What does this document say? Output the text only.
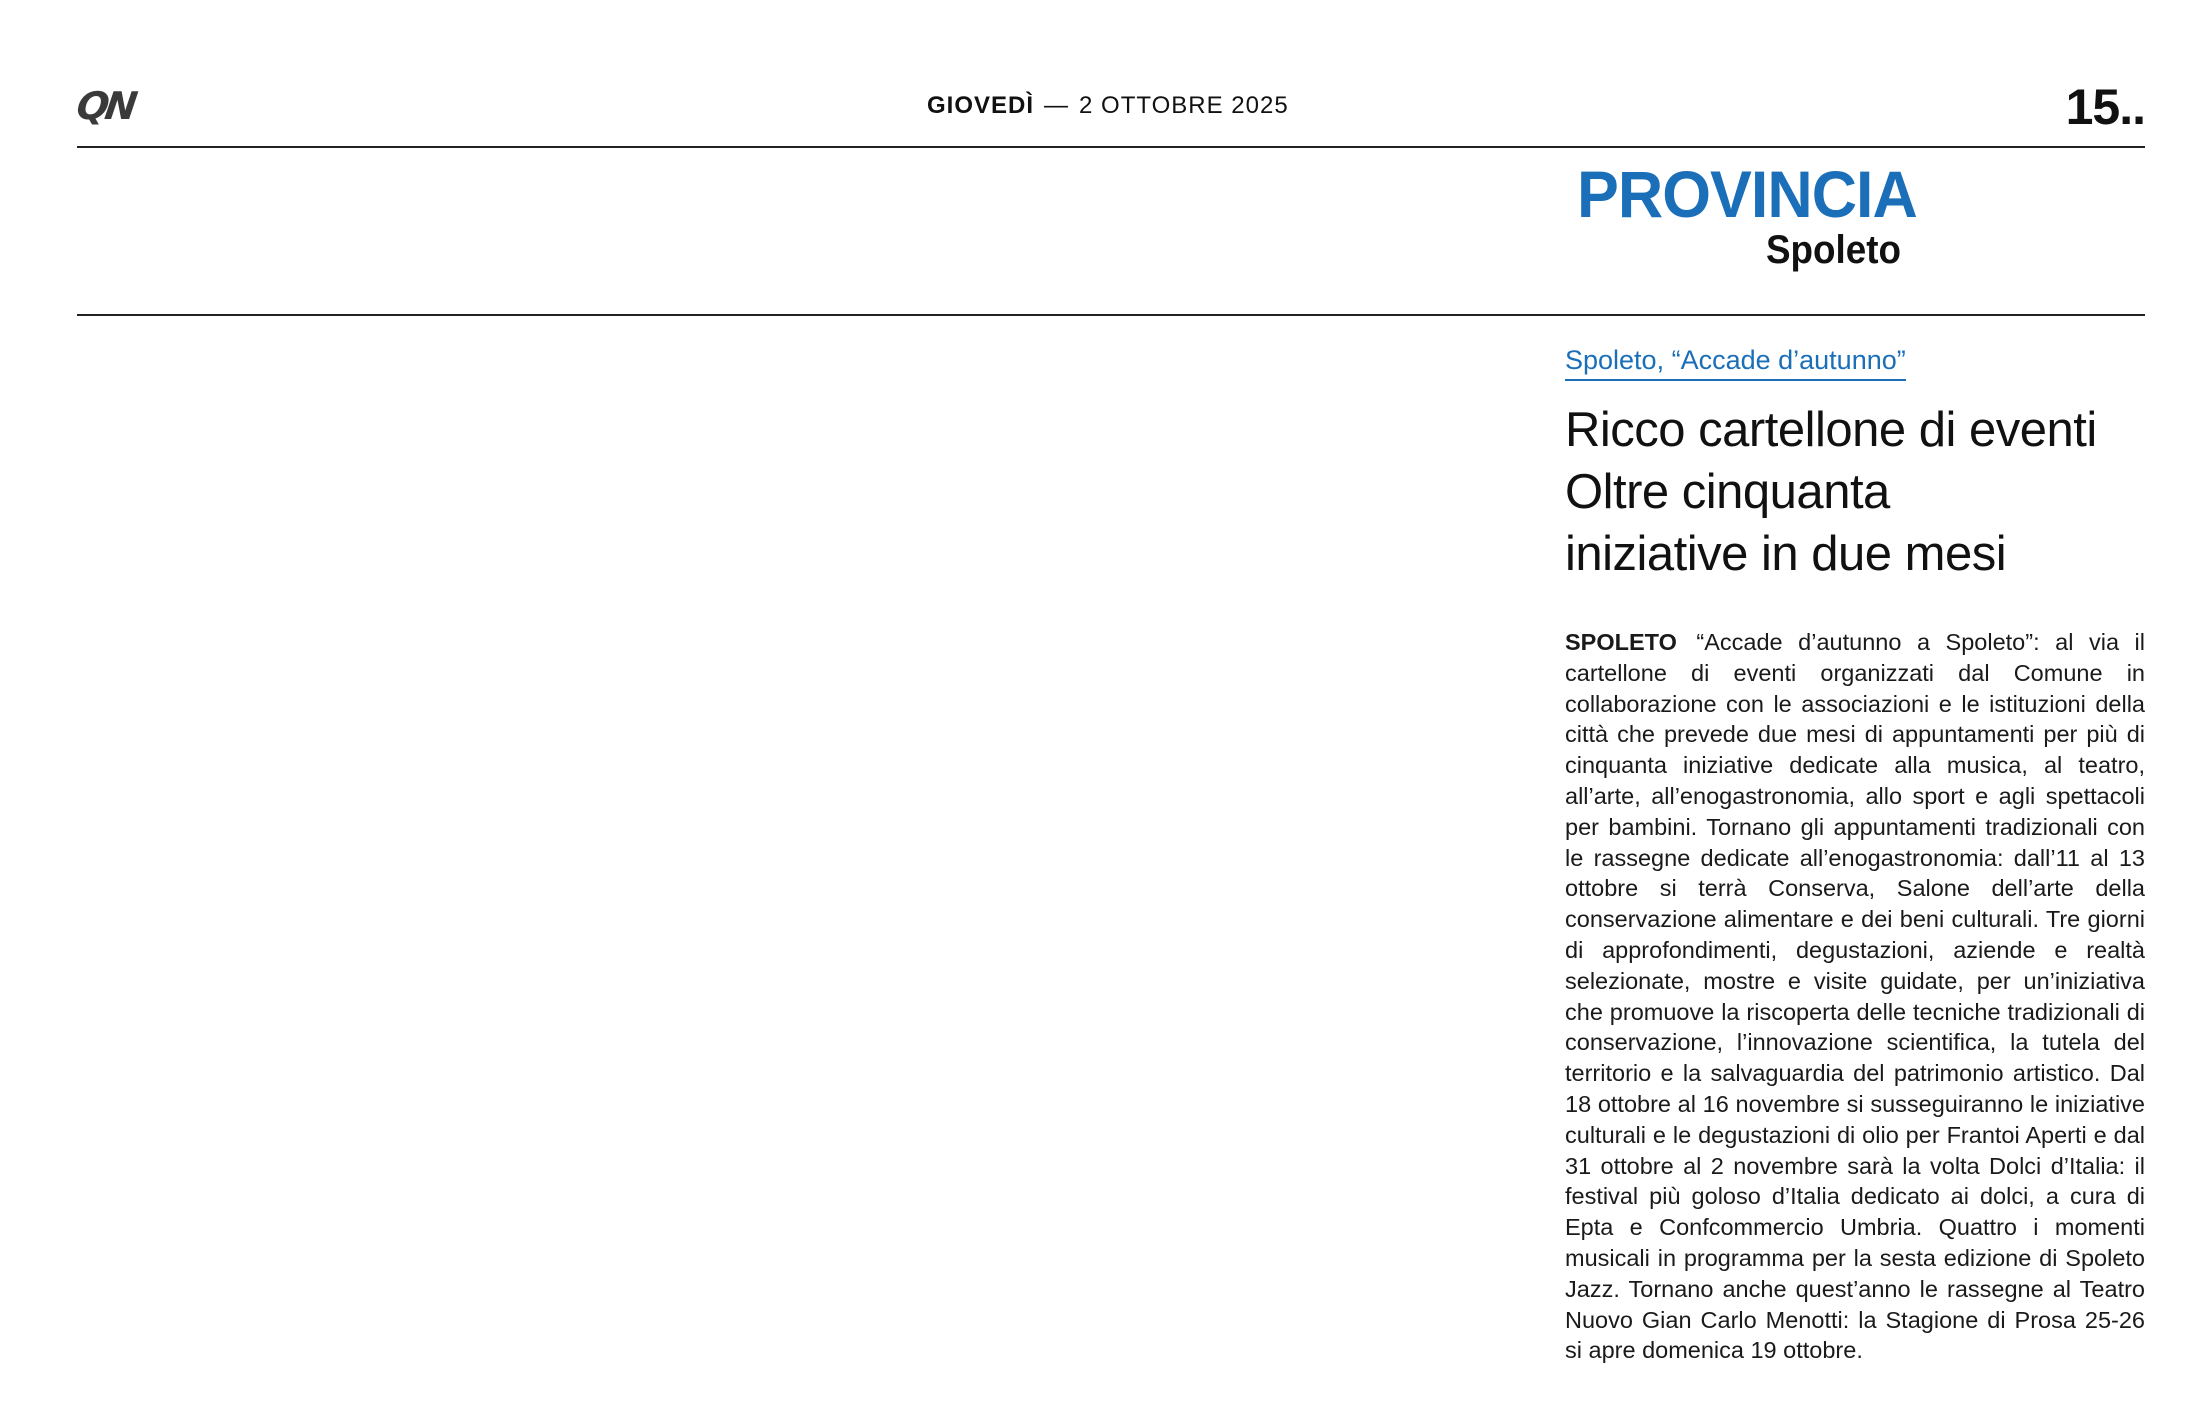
QN	GIOVEDÌ — 2 OTTOBRE 2025	15..
PROVINCIA
Spoleto
Spoleto, “Accade d’autunno”
Ricco cartellone di eventi
Oltre cinquanta
iniziative in due mesi

SPOLETO “Accade d’autunno a Spoleto”: al via il cartellone di eventi organizzati dal Comune in collaborazione con le associazioni e le istituzioni della città che prevede due mesi di appuntamenti per più di cinquanta iniziative dedicate alla musica, al teatro, all’arte, all’enogastronomia, allo sport e agli spettacoli per bambini. Tornano gli appuntamenti tradizionali con le rassegne dedicate all’enogastronomia: dall’11 al 13 ottobre si terrà Conserva, Salone dell’arte della conservazione alimentare e dei beni culturali. Tre giorni di approfondimenti, degustazioni, aziende e realtà selezionate, mostre e visite guidate, per un’iniziativa che promuove la riscoperta delle tecniche tradizionali di conservazione, l’innovazione scientifica, la tutela del territorio e la salvaguardia del patrimonio artistico. Dal 18 ottobre al 16 novembre si susseguiranno le iniziative culturali e le degustazioni di olio per Frantoi Aperti e dal 31 ottobre al 2 novembre sarà la volta Dolci d’Italia: il festival più goloso d’Italia dedicato ai dolci, a cura di Epta e Confcommercio Umbria. Quattro i momenti musicali in programma per la sesta edizione di Spoleto Jazz. Tornano anche quest’anno le rassegne al Teatro Nuovo Gian Carlo Menotti: la Stagione di Prosa 25-26 si apre domenica 19 ottobre.
